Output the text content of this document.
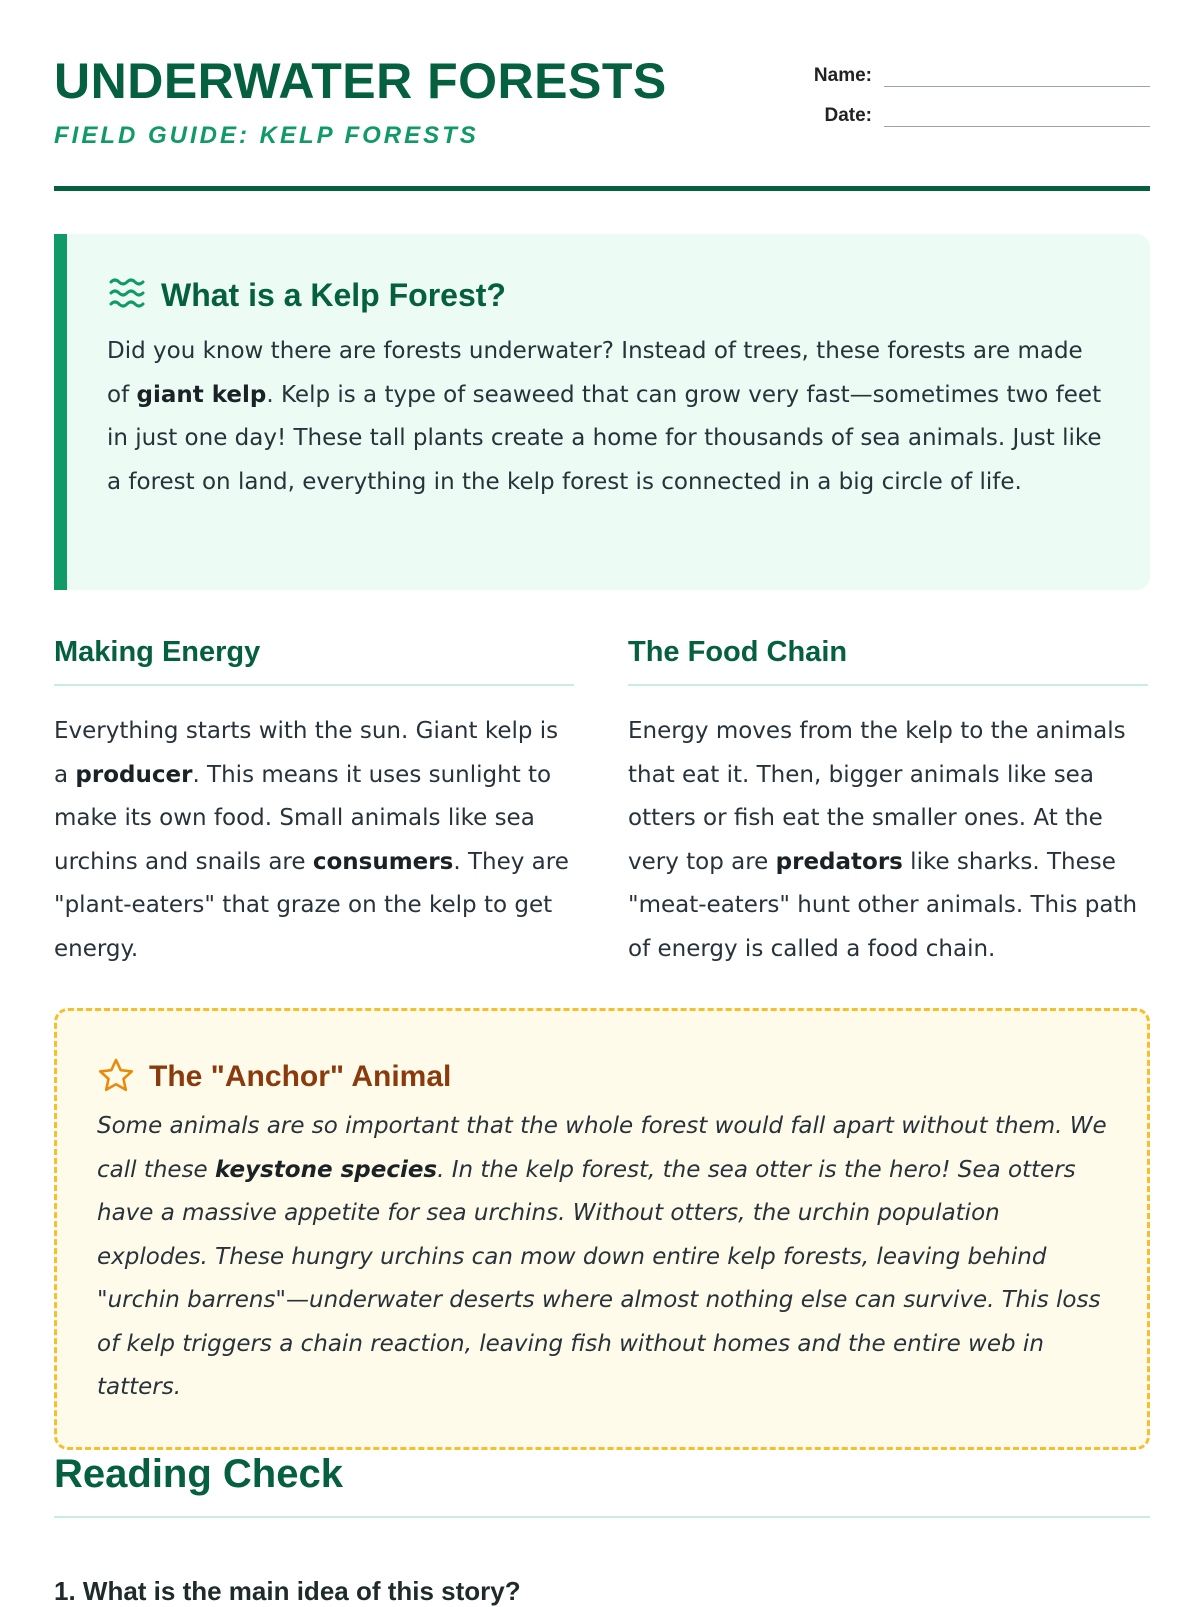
UNDERWATER FORESTS
FIELD GUIDE: KELP FORESTS
Name:
Date:
What is a Kelp Forest?

Did you know there are forests underwater? Instead of trees, these forests are made of giant kelp. Kelp is a type of seaweed that can grow very fast—sometimes two feet in just one day! These tall plants create a home for thousands of sea animals. Just like a forest on land, everything in the kelp forest is connected in a big circle of life.

Making Energy

Everything starts with the sun. Giant kelp is a producer. This means it uses sunlight to make its own food. Small animals like sea urchins and snails are consumers. They are "plant-eaters" that graze on the kelp to get energy.

The Food Chain

Energy moves from the kelp to the animals that eat it. Then, bigger animals like sea otters or fish eat the smaller ones. At the very top are predators like sharks. These "meat-eaters" hunt other animals. This path of energy is called a food chain.

The "Anchor" Animal

Some animals are so important that the whole forest would fall apart without them. We call these keystone species. In the kelp forest, the sea otter is the hero! Sea otters have a massive appetite for sea urchins. Without otters, the urchin population explodes. These hungry urchins can mow down entire kelp forests, leaving behind "urchin barrens"—underwater deserts where almost nothing else can survive. This loss of kelp triggers a chain reaction, leaving fish without homes and the entire web in tatters.

Reading Check

1. What is the main idea of this story?
